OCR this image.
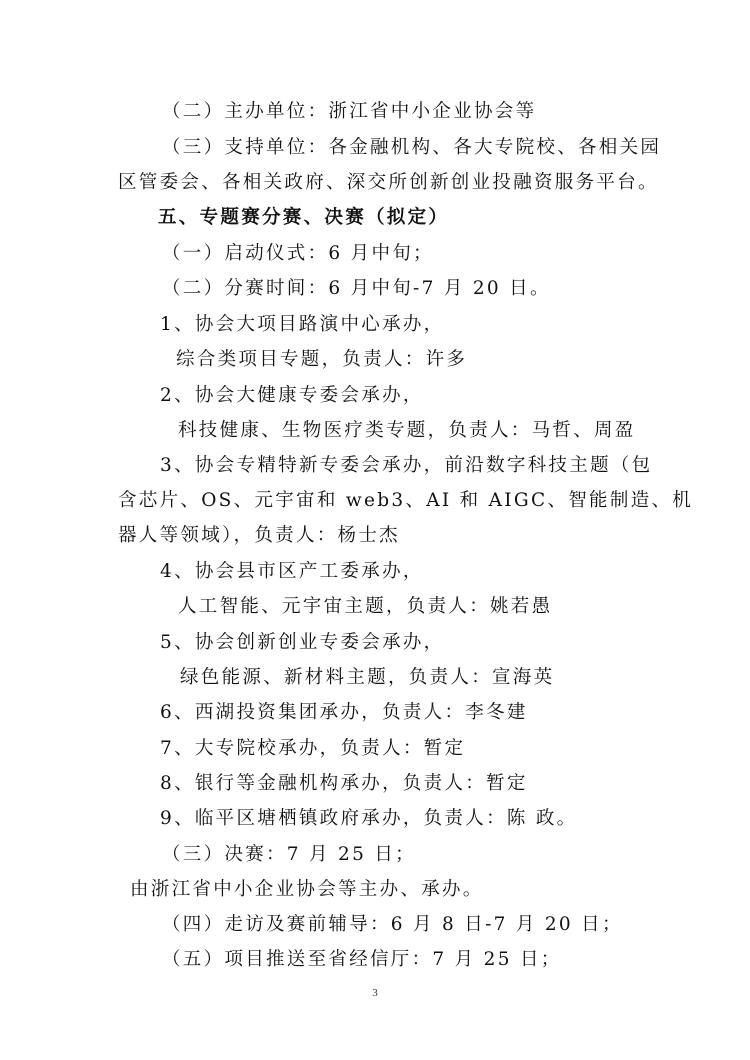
（二）主办单位：浙江省中小企业协会等
（三）支持单位：各金融机构、各大专院校、各相关园
区管委会、各相关政府、深交所创新创业投融资服务平台。
五、专题赛分赛、决赛（拟定）
（一）启动仪式：6 月中旬；
（二）分赛时间：6 月中旬-7 月 20 日。
1、协会大项目路演中心承办，
综合类项目专题，负责人：许多
2、协会大健康专委会承办，
科技健康、生物医疗类专题，负责人：马哲、周盈
3、协会专精特新专委会承办，前沿数字科技主题（包
含芯片、OS、元宇宙和 web3、AI 和 AIGC、智能制造、机
器人等领域），负责人：杨士杰
4、协会县市区产工委承办，
人工智能、元宇宙主题，负责人：姚若愚
5、协会创新创业专委会承办，
绿色能源、新材料主题，负责人：宣海英
6、西湖投资集团承办，负责人：李冬建
7、大专院校承办，负责人：暂定
8、银行等金融机构承办，负责人：暂定
9、临平区塘栖镇政府承办，负责人：陈 政。
（三）决赛：7 月 25 日；
由浙江省中小企业协会等主办、承办。
（四）走访及赛前辅导：6 月 8 日-7 月 20 日；
（五）项目推送至省经信厅：7 月 25 日；
3
